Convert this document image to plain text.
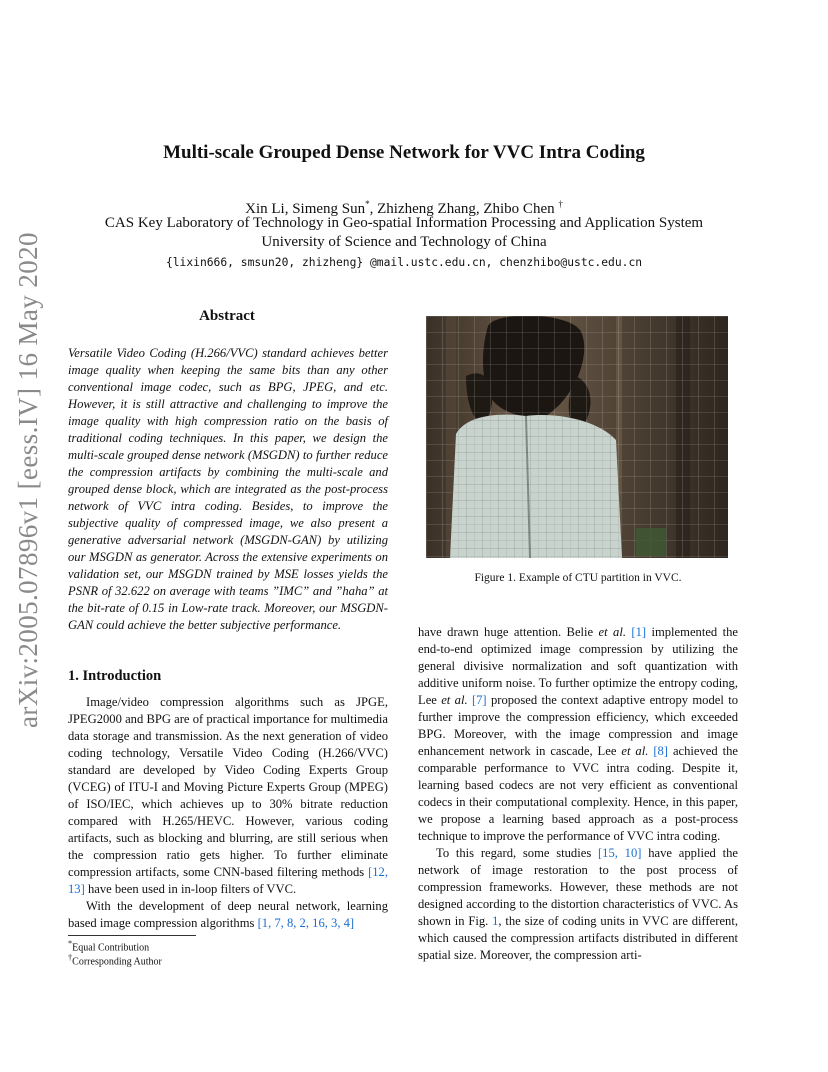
arXiv:2005.07896v1 [eess.IV] 16 May 2020
Multi-scale Grouped Dense Network for VVC Intra Coding
Xin Li, Simeng Sun*, Zhizheng Zhang, Zhibo Chen †
CAS Key Laboratory of Technology in Geo-spatial Information Processing and Application System
University of Science and Technology of China
{lixin666, smsun20, zhizheng} @mail.ustc.edu.cn, chenzhibo@ustc.edu.cn
Abstract
Versatile Video Coding (H.266/VVC) standard achieves better image quality when keeping the same bits than any other conventional image codec, such as BPG, JPEG, and etc. However, it is still attractive and challenging to improve the image quality with high compression ratio on the basis of traditional coding techniques. In this paper, we design the multi-scale grouped dense network (MSGDN) to further reduce the compression artifacts by combining the multi-scale and grouped dense block, which are integrated as the post-process network of VVC intra coding. Besides, to improve the subjective quality of compressed image, we also present a generative adversarial network (MSGDN-GAN) by utilizing our MSGDN as generator. Across the extensive experiments on validation set, our MSGDN trained by MSE losses yields the PSNR of 32.622 on average with teams ”IMC” and ”haha” at the bit-rate of 0.15 in Low-rate track. Moreover, our MSGDN-GAN could achieve the better subjective performance.
1. Introduction

Image/video compression algorithms such as JPGE, JPEG2000 and BPG are of practical importance for multimedia data storage and transmission. As the next generation of video coding technology, Versatile Video Coding (H.266/VVC) standard are developed by Video Coding Experts Group (VCEG) of ITU-I and Moving Picture Experts Group (MPEG) of ISO/IEC, which achieves up to 30% bitrate reduction compared with H.265/HEVC. However, various coding artifacts, such as blocking and blurring, are still serious when the compression ratio gets higher. To further eliminate compression artifacts, some CNN-based filtering methods [12, 13] have been used in in-loop filters of VVC.

With the development of deep neural network, learning based image compression algorithms [1, 7, 8, 2, 16, 3, 4]

*Equal Contribution
†Corresponding Author
Figure 1. Example of CTU partition in VVC.

have drawn huge attention. Belie et al. [1] implemented the end-to-end optimized image compression by utilizing the general divisive normalization and soft quantization with additive uniform noise. To further optimize the entropy coding, Lee et al. [7] proposed the context adaptive entropy model to further improve the compression efficiency, which exceeded BPG. Moreover, with the image compression and image enhancement network in cascade, Lee et al. [8] achieved the comparable performance to VVC intra coding. Despite it, learning based codecs are not very efficient as conventional codecs in their computational complexity. Hence, in this paper, we propose a learning based approach as a post-process technique to improve the performance of VVC intra coding.

To this regard, some studies [15, 10] have applied the network of image restoration to the post process of compression frameworks. However, these methods are not designed according to the distortion characteristics of VVC. As shown in Fig. 1, the size of coding units in VVC are different, which caused the compression artifacts distributed in different spatial size. Moreover, the compression arti-
